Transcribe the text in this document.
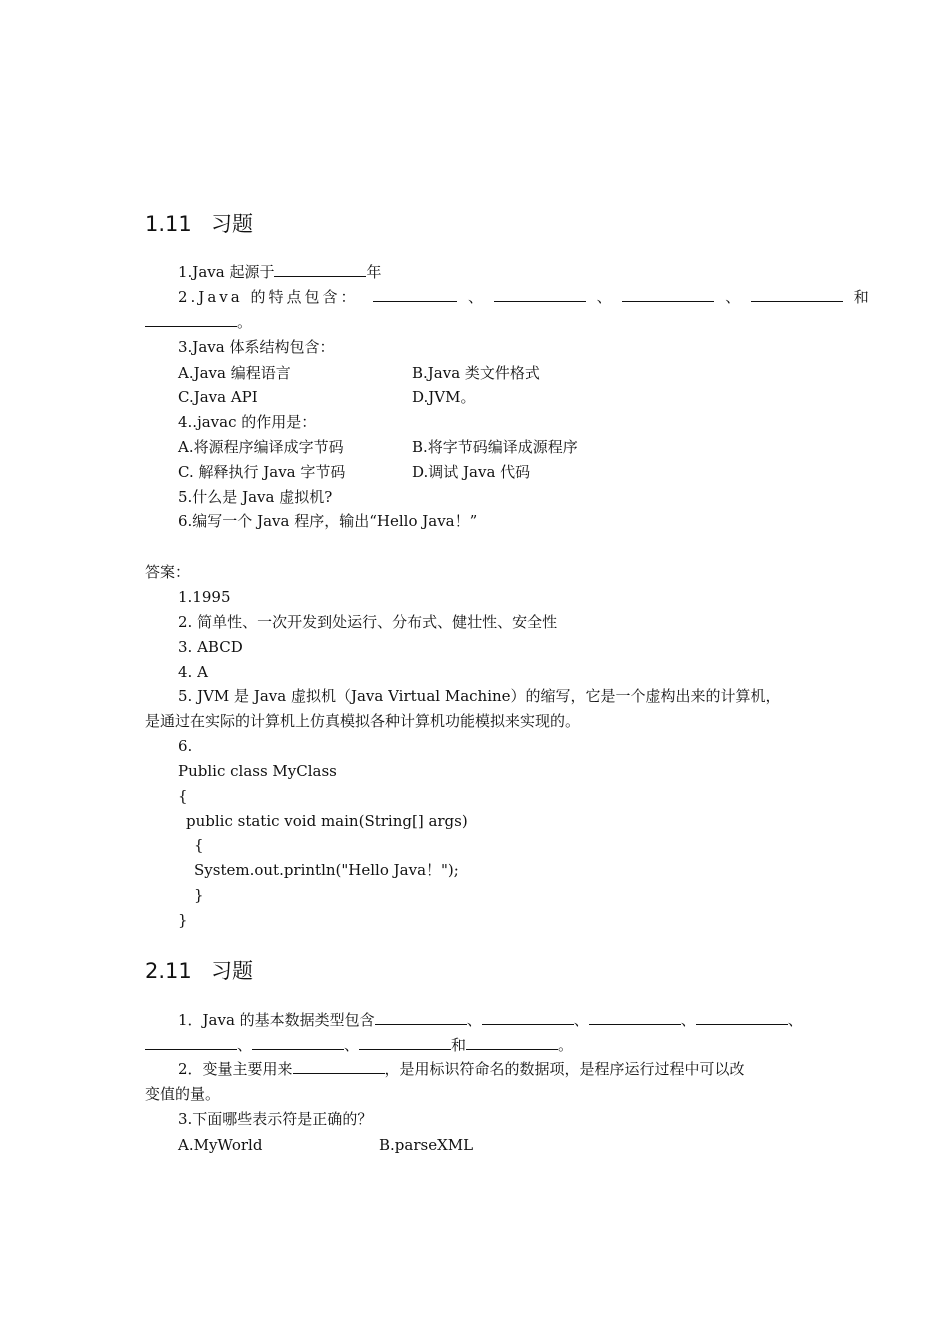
1.11 习题
1.Java 起源于	年
2.Java 的特点包含：	、	、	、	和
。
3.Java 体系结构包含：
A.Java 编程语言	B.Java 类文件格式
C.Java API	D.JVM。
4..javac 的作用是：
A.将源程序编译成字节码	B.将字节码编译成源程序
C. 解释执行 Java 字节码	D.调试 Java 代码
5.什么是 Java 虚拟机?
6.编写一个 Java 程序，输出“Hello Java！”
答案：
1.1995
2. 简单性、一次开发到处运行、分布式、健壮性、安全性
3. ABCD
4. A
5. JVM 是 Java 虚拟机（Java Virtual Machine）的缩写，它是一个虚构出来的计算机，
是通过在实际的计算机上仿真模拟各种计算机功能模拟来实现的。
6.
Public class MyClass
{
public static void main(String[] args)
{
System.out.println("Hello Java！");
}
}
2.11 习题
1．Java 的基本数据类型包含	、	、	、	、
、	、	和	。
2．变量主要用来	，是用标识符命名的数据项，是程序运行过程中可以改
变值的量。
3.下面哪些表示符是正确的？
A.MyWorld	B.parseXML
